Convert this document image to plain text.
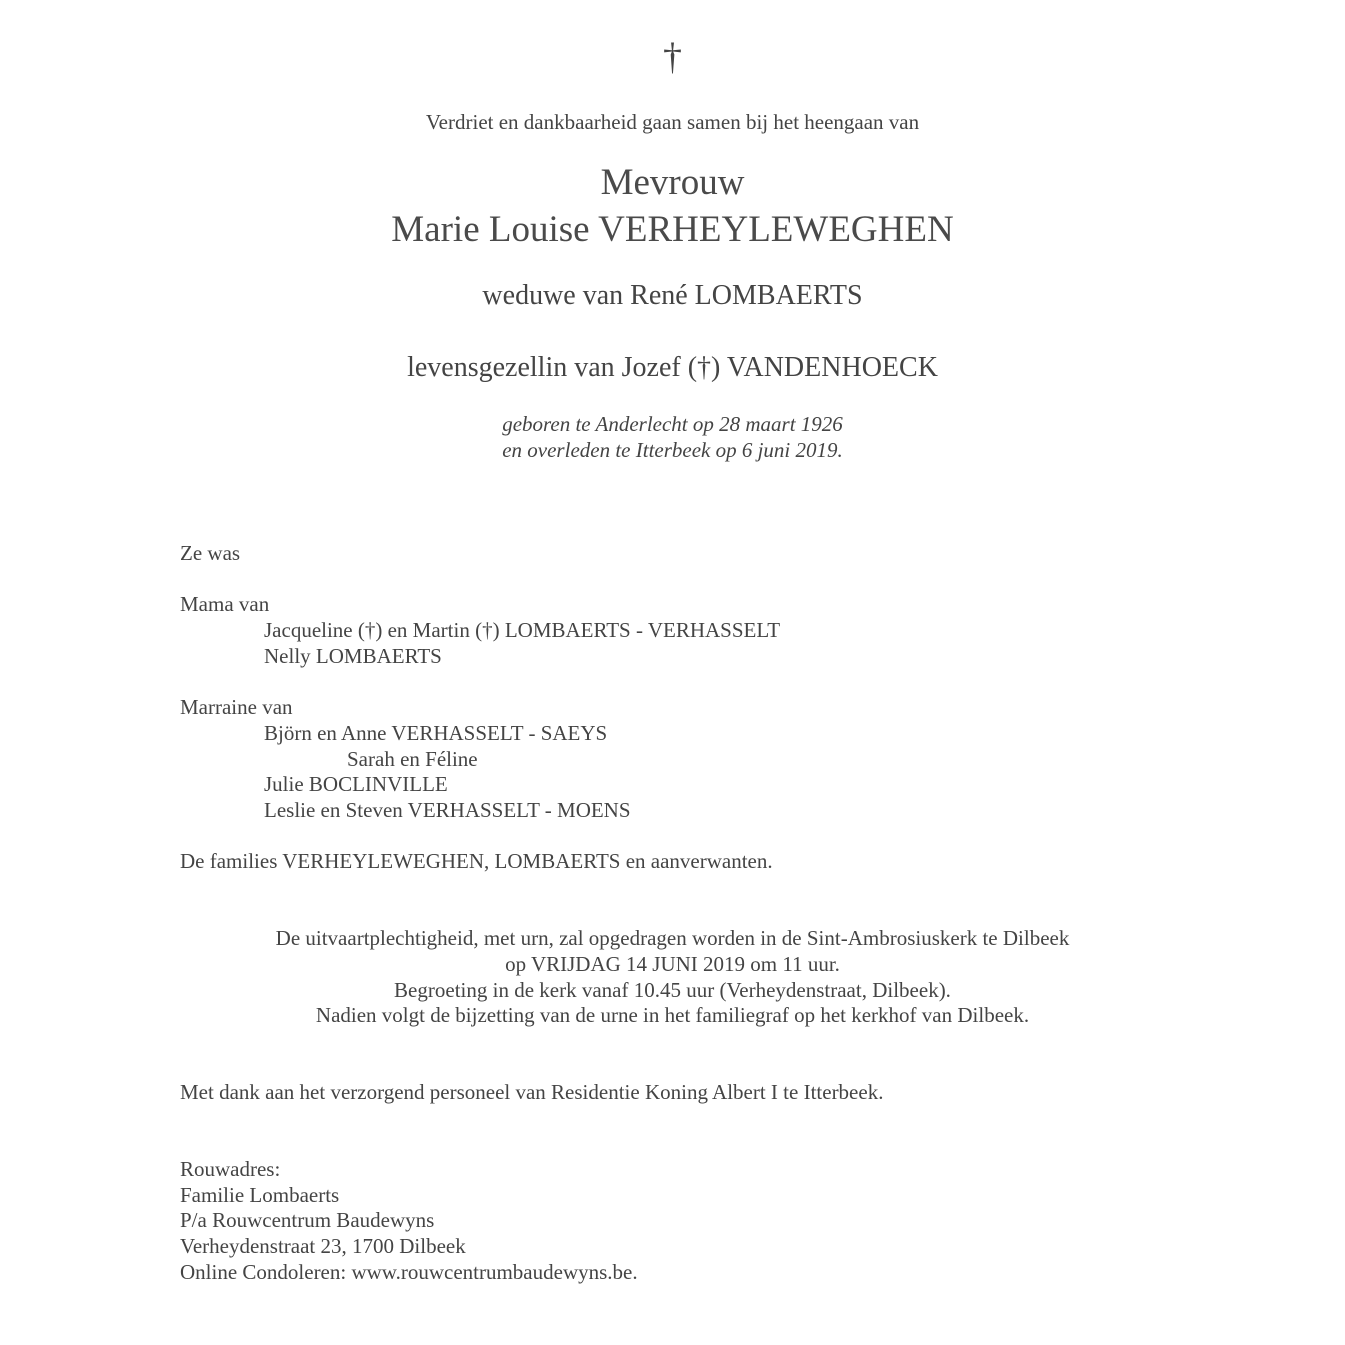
†
Verdriet en dankbaarheid gaan samen bij het heengaan van
Mevrouw
Marie Louise VERHEYLEWEGHEN
weduwe van René LOMBAERTS
levensgezellin van Jozef (†) VANDENHOECK
geboren te Anderlecht op 28 maart 1926
en overleden te Itterbeek op 6 juni 2019.
Ze was
Mama van
Jacqueline (†) en Martin (†) LOMBAERTS - VERHASSELT
Nelly LOMBAERTS
Marraine van
Björn en Anne VERHASSELT - SAEYS
Sarah en Féline
Julie BOCLINVILLE
Leslie en Steven VERHASSELT - MOENS
De families VERHEYLEWEGHEN, LOMBAERTS en aanverwanten.
De uitvaartplechtigheid, met urn, zal opgedragen worden in de Sint-Ambrosiuskerk te Dilbeek
op VRIJDAG 14 JUNI 2019 om 11 uur.
Begroeting in de kerk vanaf 10.45 uur (Verheydenstraat, Dilbeek).
Nadien volgt de bijzetting van de urne in het familiegraf op het kerkhof van Dilbeek.
Met dank aan het verzorgend personeel van Residentie Koning Albert I te Itterbeek.
Rouwadres:
Familie Lombaerts
P/a Rouwcentrum Baudewyns
Verheydenstraat 23, 1700 Dilbeek
Online Condoleren: www.rouwcentrumbaudewyns.be.
